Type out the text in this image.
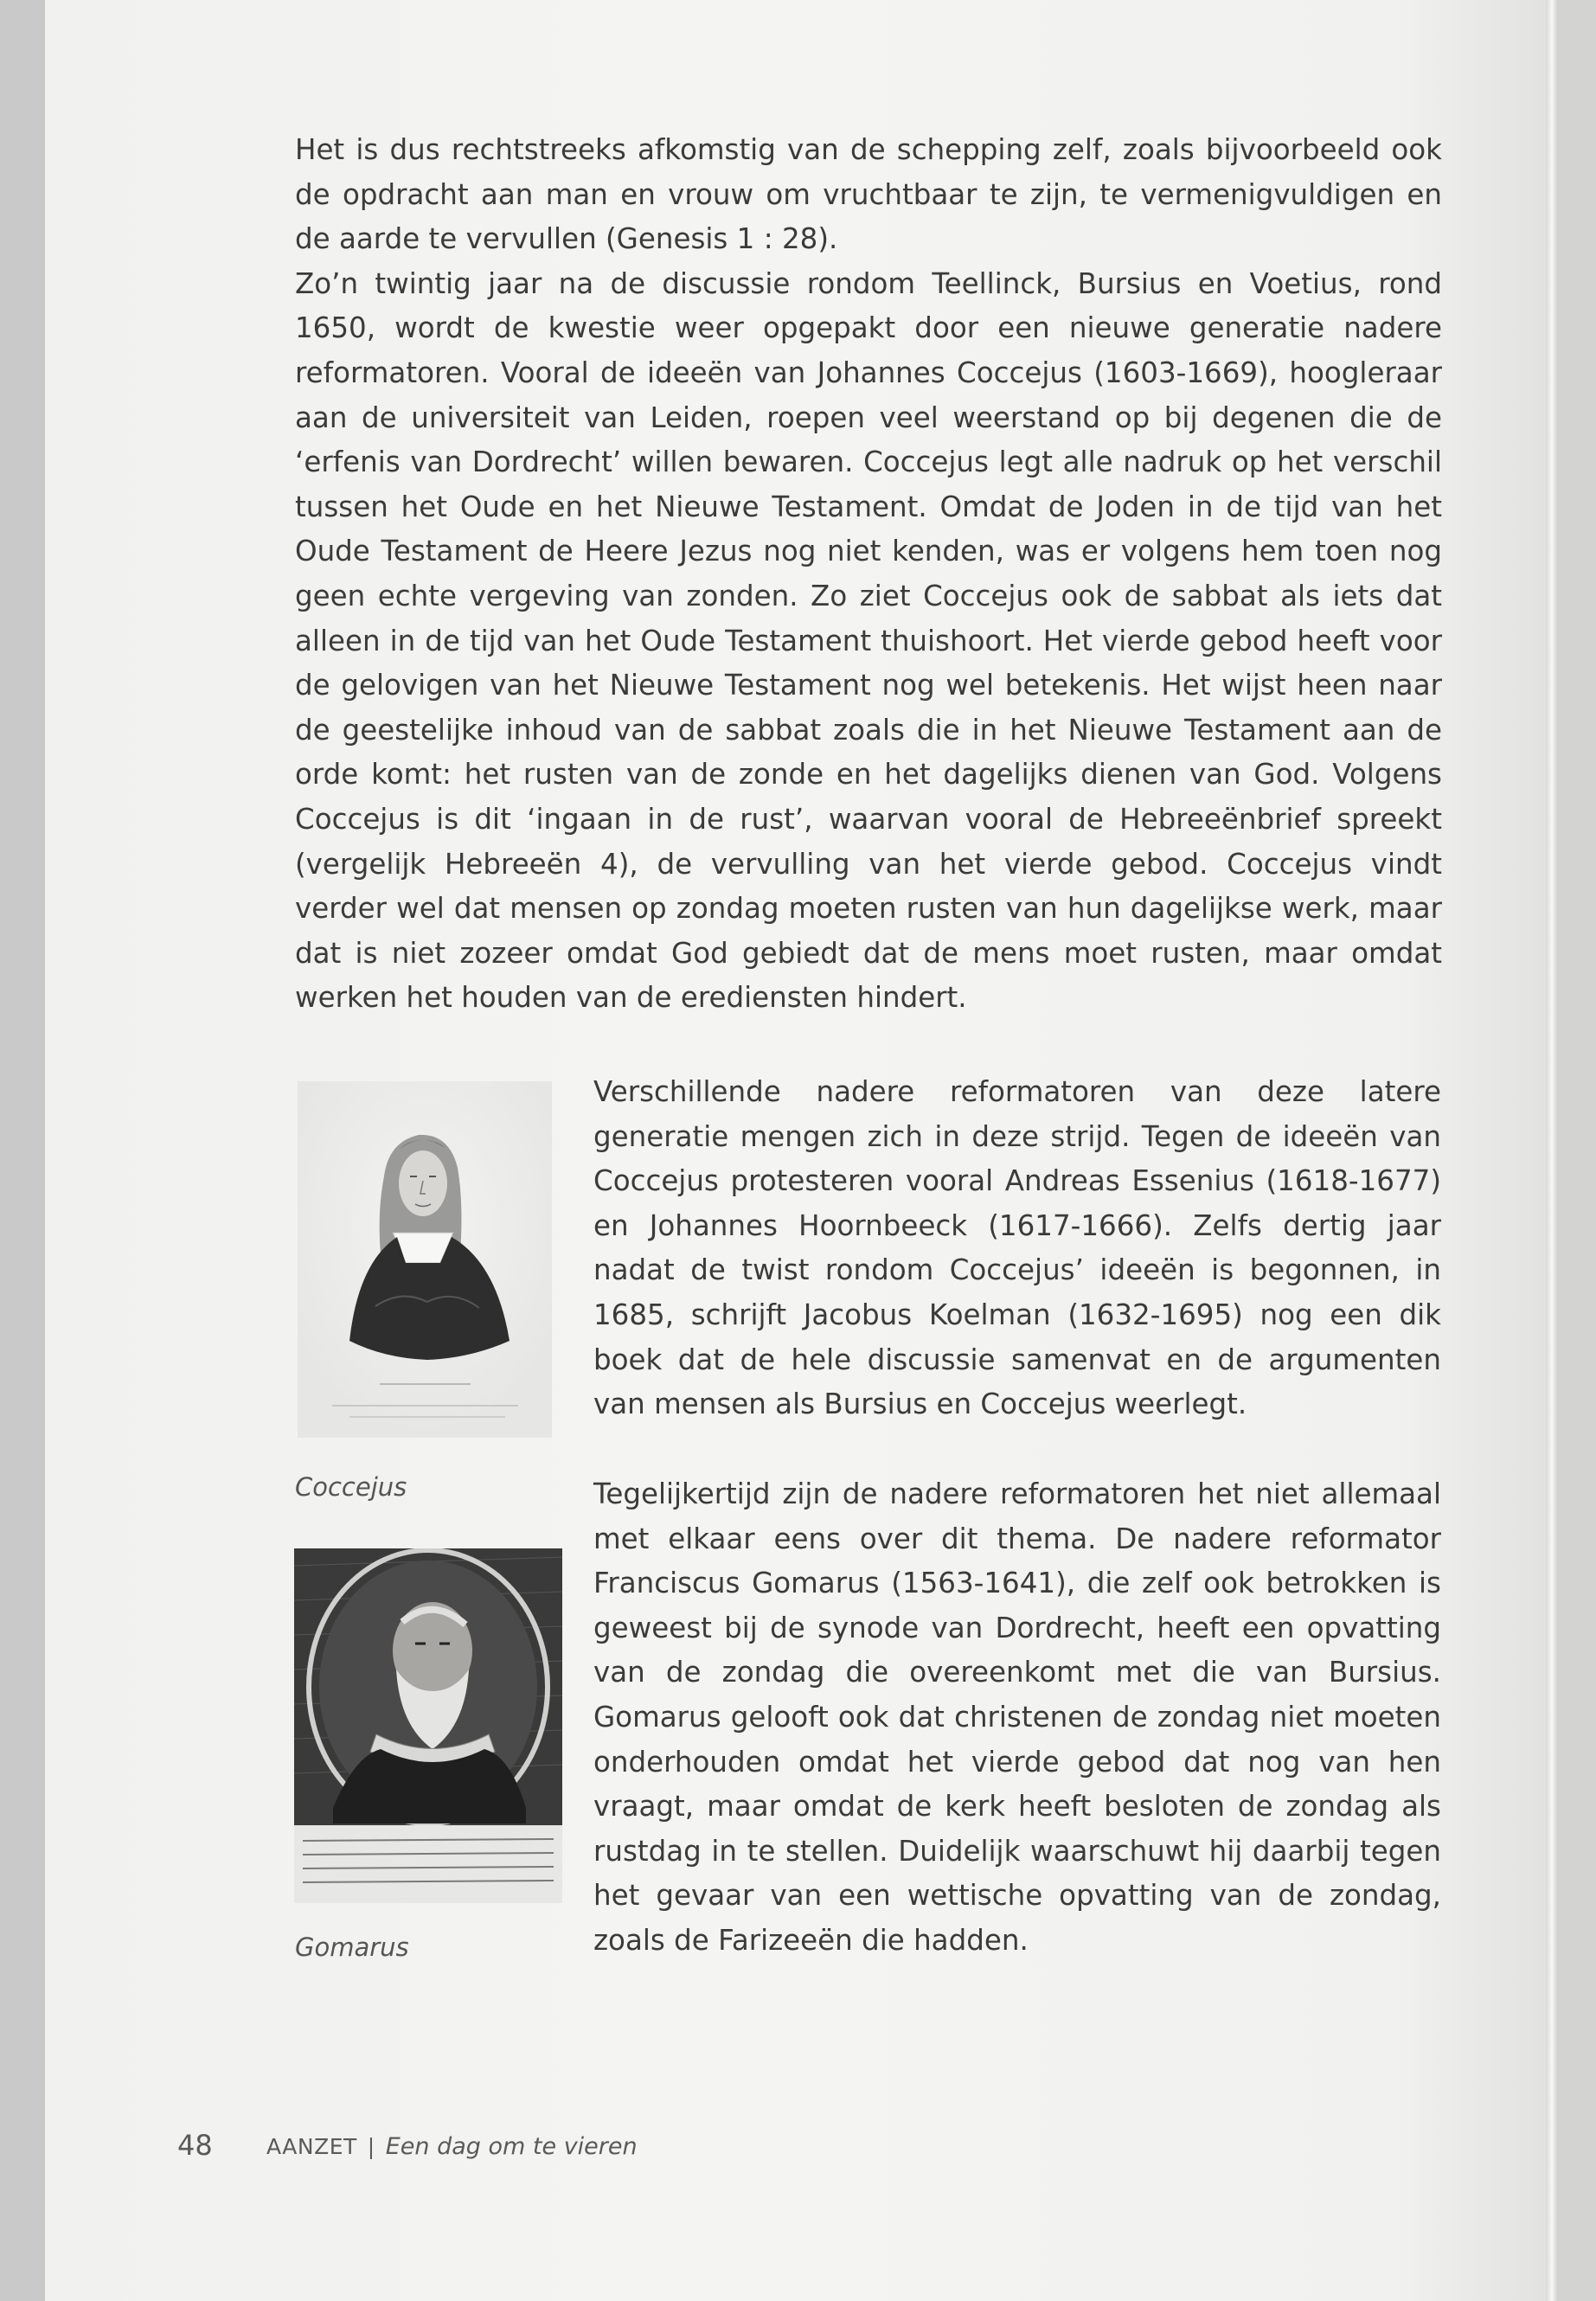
Het is dus rechtstreeks afkomstig van de schepping zelf, zoals bijvoorbeeld ook de opdracht aan man en vrouw om vruchtbaar te zijn, te vermenigvuldigen en de aarde te vervullen (Genesis 1 : 28).

Zo’n twintig jaar na de discussie rondom Teellinck, Bursius en Voetius, rond 1650, wordt de kwestie weer opgepakt door een nieuwe generatie nadere reformatoren. Vooral de ideeën van Johannes Coccejus (1603-1669), hoogleraar aan de universiteit van Leiden, roepen veel weerstand op bij degenen die de ‘erfenis van Dordrecht’ willen bewaren. Coccejus legt alle nadruk op het verschil tussen het Oude en het Nieuwe Testament. Omdat de Joden in de tijd van het Oude Testament de Heere Jezus nog niet kenden, was er volgens hem toen nog geen echte vergeving van zonden. Zo ziet Coccejus ook de sabbat als iets dat alleen in de tijd van het Oude Testament thuishoort. Het vierde gebod heeft voor de gelovigen van het Nieuwe Testament nog wel betekenis. Het wijst heen naar de geestelijke inhoud van de sabbat zoals die in het Nieuwe Testament aan de orde komt: het rusten van de zonde en het dagelijks dienen van God. Volgens Coccejus is dit ‘ingaan in de rust’, waarvan vooral de Hebreeënbrief spreekt (vergelijk Hebreeën 4), de vervulling van het vierde gebod. Coccejus vindt verder wel dat mensen op zondag moeten rusten van hun dagelijkse werk, maar dat is niet zozeer omdat God gebiedt dat de mens moet rusten, maar omdat werken het houden van de erediensten hindert.

Coccejus
Gomarus

Verschillende nadere reformatoren van deze latere generatie mengen zich in deze strijd. Tegen de ideeën van Coccejus protesteren vooral Andreas Essenius (1618-1677) en Johannes Hoornbeeck (1617-1666). Zelfs dertig jaar nadat de twist rondom Coccejus’ ideeën is begonnen, in 1685, schrijft Jacobus Koelman (1632-1695) nog een dik boek dat de hele discussie samenvat en de argumenten van mensen als Bursius en Coccejus weerlegt.

Tegelijkertijd zijn de nadere reformatoren het niet allemaal met elkaar eens over dit thema. De nadere reformator Franciscus Gomarus (1563-1641), die zelf ook betrokken is geweest bij de synode van Dordrecht, heeft een opvatting van de zondag die overeenkomt met die van Bursius. Gomarus gelooft ook dat christenen de zondag niet moeten onderhouden omdat het vierde gebod dat nog van hen vraagt, maar omdat de kerk heeft besloten de zondag als rustdag in te stellen. Duidelijk waarschuwt hij daarbij tegen het gevaar van een wettische opvatting van de zondag, zoals de Farizeeën die hadden.

48 AANZET | Een dag om te vieren
